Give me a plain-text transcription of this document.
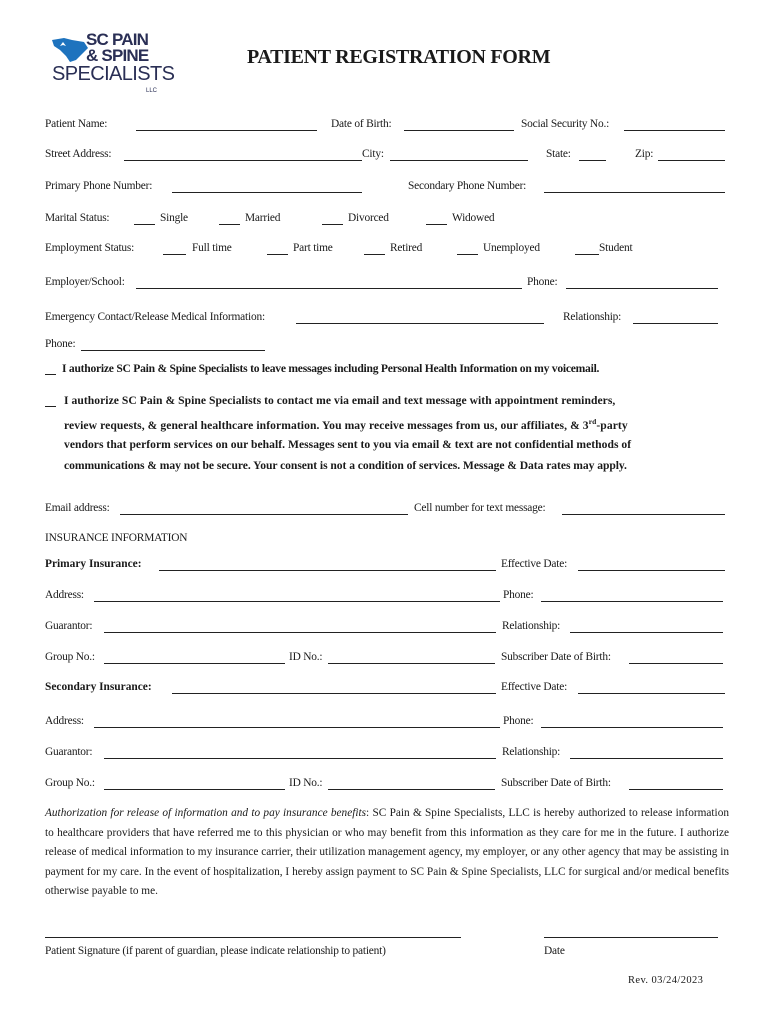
SC PAIN
& SPINE
SPECIALISTS
LLC
PATIENT REGISTRATION FORM
Patient Name:	Date of Birth:	Social Security No.:
Street Address:	City:	State:	Zip:
Primary Phone Number:	Secondary Phone Number:
Marital Status:	Single	Married	Divorced	Widowed
Employment Status:	Full time	Part time	Retired	Unemployed	Student
Employer/School:	Phone:
Emergency Contact/Release Medical Information:	Relationship:
Phone:
I authorize SC Pain & Spine Specialists to leave messages including Personal Health Information on my voicemail.
I authorize SC Pain & Spine Specialists to contact me via email and text message with appointment reminders,
review requests, & general healthcare information. You may receive messages from us, our affiliates, & 3rd-party
vendors that perform services on our behalf. Messages sent to you via email & text are not confidential methods of
communications & may not be secure. Your consent is not a condition of services. Message & Data rates may apply.
Email address:	Cell number for text message:
INSURANCE INFORMATION
Primary Insurance:	Effective Date:
Address:	Phone:
Guarantor:	Relationship:
Group No.:	ID No.:	Subscriber Date of Birth:
Secondary Insurance:	Effective Date:
Address:	Phone:
Guarantor:	Relationship:
Group No.:	ID No.:	Subscriber Date of Birth:
Authorization for release of information and to pay insurance benefits: SC Pain & Spine Specialists, LLC is hereby authorized to release information to healthcare providers that have referred me to this physician or who may benefit from this information as they care for me in the future. I authorize release of medical information to my insurance carrier, their utilization management agency, my employer, or any other agency that may be assisting in payment for my care. In the event of hospitalization, I hereby assign payment to SC Pain & Spine Specialists, LLC for surgical and/or medical benefits otherwise payable to me.
Patient Signature (if parent of guardian, please indicate relationship to patient)	Date
Rev. 03/24/2023
